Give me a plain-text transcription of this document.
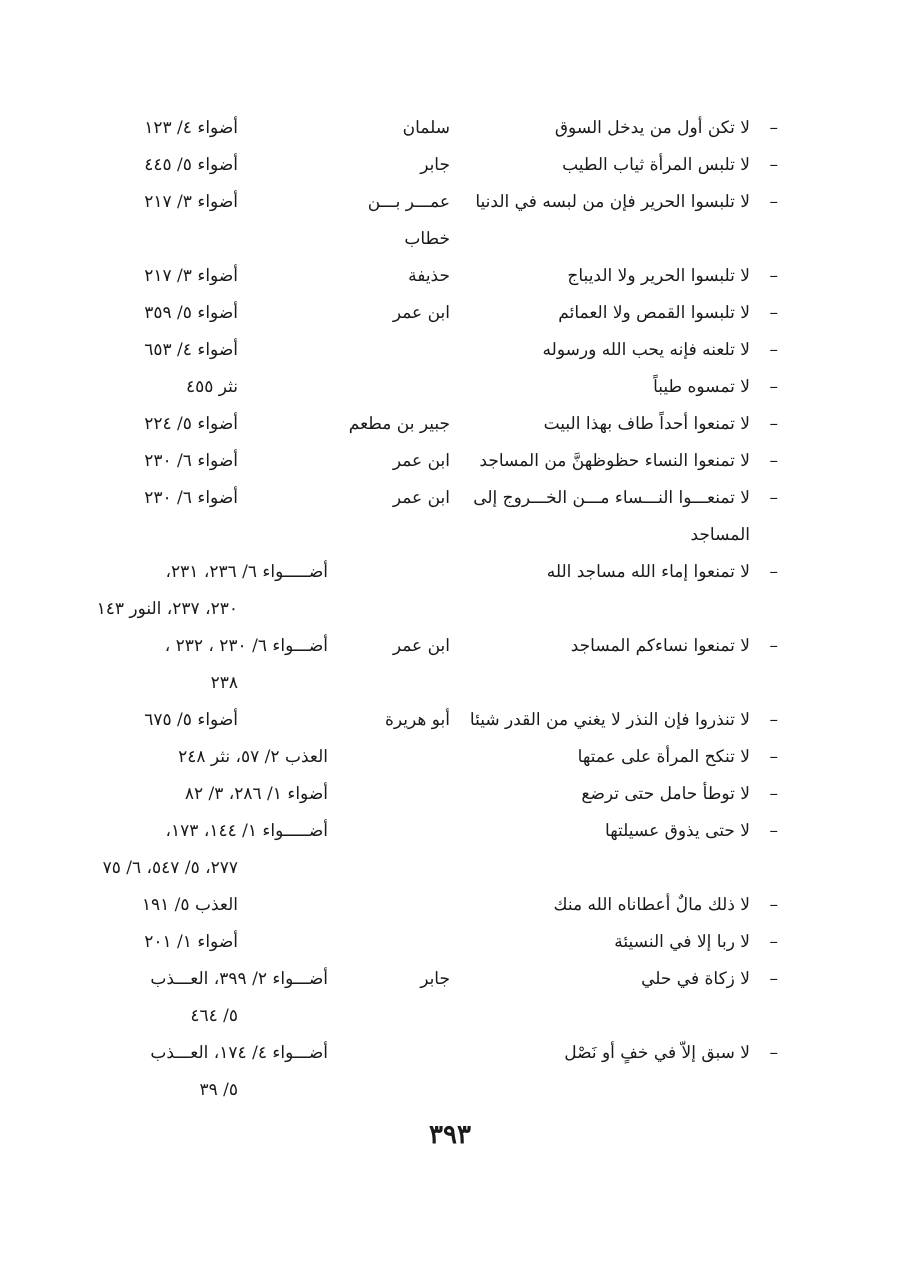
–
لا تكن أول من يدخل السوق
سلمان
أضواء ٤/ ١٢٣
–
لا تلبس المرأة ثياب الطيب
جابر
أضواء ٥/ ٤٤٥
–
لا تلبسوا الحرير فإن من لبسه في الدنيا
عمـــر بـــن
أضواء ٣/ ٢١٧
خطاب
–
لا تلبسوا الحرير ولا الديباج
حذيفة
أضواء ٣/ ٢١٧
–
لا تلبسوا القمص ولا العمائم
ابن عمر
أضواء ٥/ ٣٥٩
–
لا تلعنه فإنه يحب الله ورسوله
أضواء ٤/ ٦٥٣
–
لا تمسوه طيباً
نثر ٤٥٥
–
لا تمنعوا أحداً طاف بهذا البيت
جبير بن مطعم
أضواء ٥/ ٢٢٤
–
لا تمنعوا النساء حظوظهنَّ من المساجد
ابن عمر
أضواء ٦/ ٢٣٠
–
لا تمنعـــوا النـــساء مـــن الخـــروج إلى
ابن عمر
أضواء ٦/ ٢٣٠
المساجد
–
لا تمنعوا إماء الله مساجد الله
أضـــــواء ٦/ ٢٣٦، ٢٣١،
٢٣٠، ٢٣٧، النور ١٤٣
–
لا تمنعوا نساءكم المساجد
ابن عمر
أضـــواء ٦/ ٢٣٠ ، ٢٣٢ ،
٢٣٨
–
لا تنذروا فإن النذر لا يغني من القدر شيئا
أبو هريرة
أضواء ٥/ ٦٧٥
–
لا تنكح المرأة على عمتها
العذب ٢/ ٥٧، نثر ٢٤٨
–
لا توطأ حامل حتى ترضع
أضواء ١/ ٢٨٦، ٣/ ٨٢
–
لا حتى يذوق عسيلتها
أضـــــواء ١/ ١٤٤، ١٧٣،
٢٧٧، ٥/ ٥٤٧، ٦/ ٧٥
–
لا ذلك مالٌ أعطاناه الله منك
العذب ٥/ ١٩١
–
لا ربا إلا في النسيئة
أضواء ١/ ٢٠١
–
لا زكاة في حلي
جابر
أضـــواء ٢/ ٣٩٩، العـــذب
٥/ ٤٦٤
–
لا سبق إلاّ في خفٍ أو نَصْل
أضـــواء ٤/ ١٧٤، العـــذب
٥/ ٣٩
٣٩٣
